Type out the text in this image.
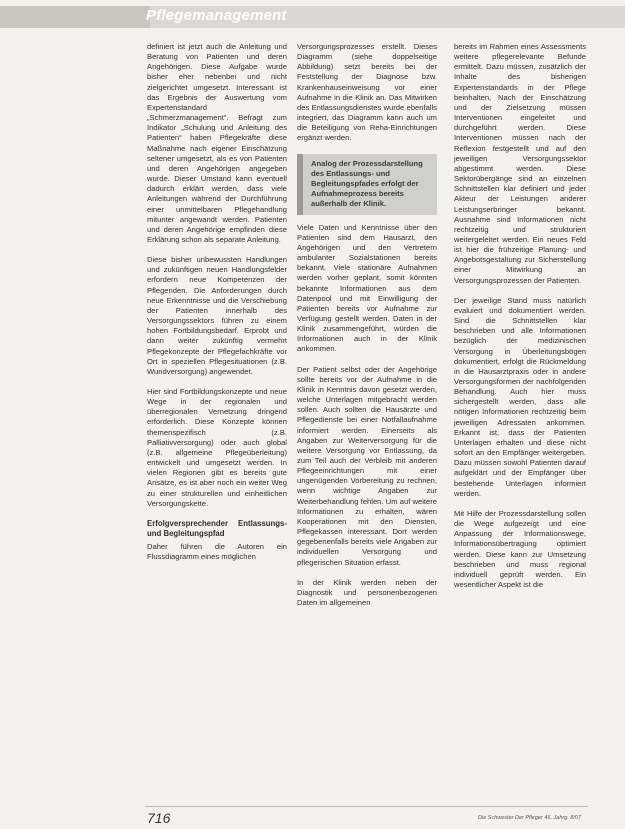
Pflegemanagement

definiert ist jetzt auch die Anleitung und Beratung von Patienten und deren Angehörigen. Diese Aufgabe wurde bisher eher nebenbei und nicht zielgerichtet umgesetzt. Interessant ist das Ergebnis der Auswertung vom Expertenstandard „Schmerzmanagement“. Befragt zum Indikator „Schulung und Anleitung des Patienten“ haben Pflegekräfte diese Maßnahme nach eigener Einschätzung seltener umgesetzt, als es von Patienten und deren Angehörigen angegeben wurde. Dieser Umstand kann eventuell dadurch erklärt werden, dass viele Anleitungen während der Durchführung einer unmittelbaren Pflegehandlung mitunter angewandt werden. Patienten und deren Angehörige empfinden diese Erklärung schon als separate Anleitung.

Diese bisher unbewussten Handlungen und zukünftigen neuen Handlungsfelder erfordern neue Kompetenzen der Pflegenden. Die Anforderungen durch neue Erkenntnisse und die Verschiebung der Patienten innerhalb des Versorgungssektors führen zu einem hohen Fortbildungsbedarf. Erprobt und dann weiter zukünftig vermehrt Pflegekonzepte der Pflegefachkräfte vor Ort in speziellen Pflegesituationen (z.B. Wundversorgung) angewendet.

Hier sind Fortbildungskonzepte und neue Wege in der regionalen und überregionalen Vernetzung dringend erforderlich. Diese Konzepte können themenspezifisch (z.B. Palliativversorgung) oder auch global (z.B. allgemeine Pflegeüberleitung) entwickelt und umgesetzt werden. In vielen Regionen gibt es bereits gute Ansätze, es ist aber noch ein weiter Weg zu einer strukturellen und einheitlichen Versorgungskette.

Erfolgversprechender Entlassungs- und Begleitungspfad

Daher führen die Autoren ein Flussdiagramm eines möglichen

Versorgungsprozesses erstellt. Dieses Diagramm (siehe doppelseitige Abbildung) setzt bereits bei der Feststellung der Diagnose bzw. Krankenhauseinweisung vor einer Aufnahme in die Klinik an. Das Mitwirken des Entlassungsdienstes wurde ebenfalls integriert, das Diagramm kann auch um die Beteiligung von Reha-Einrichtungen ergänzt werden.

Analog der Prozessdarstellung des Entlassungs- und Begleitungspfades erfolgt der Aufnahmeprozess bereits außerhalb der Klinik.

Viele Daten und Kenntnisse über den Patienten sind dem Hausarzt, den Angehörigen und den Vertretern ambulanter Sozialstationen bereits bekannt. Viele stationäre Aufnahmen werden vorher geplant, somit könnten bekannte Informationen aus dem Datenpool und mit Einwilligung der Patienten bereits vor Aufnahme zur Verfügung gestellt werden. Daten in der Klinik zusammengeführt, würden die Informationen auch in der Klinik ankommen.

Der Patient selbst oder der Angehörige sollte bereits vor der Aufnahme in die Klinik in Kenntnis davon gesetzt werden, welche Unterlagen mitgebracht werden sollen. Auch sollten die Hausärzte und Pflegedienste bei einer Notfallaufnahme informiert werden. Einerseits als Angaben zur Weiterversorgung für die weitere Versorgung vor Entlassung, da zum Teil auch der Verbleib mit anderen Pflegeeinrichtungen mit einer ungenügenden Vorbereitung zu rechnen, wenn wichtige Angaben zur Weiterbehandlung fehlen. Um auf weitere Informationen zu erhalten, wären Kooperationen mit den Diensten, Pflegekassen interessant. Dort werden gegebenenfalls bereits viele Angaben zur individuellen Versorgung und pflegerischen Situation erfasst.

In der Klinik werden neben der Diagnostik und personenbezogenen Daten im allgemeinen

bereits im Rahmen eines Assessments weitere pflegerelevante Befunde ermittelt. Dazu müssen, zusätzlich der Inhalte des bisherigen Expertenstandards in der Pflege beinhalten, Nach der Einschätzung und der Zielsetzung müssen Interventionen eingeleitet und durchgeführt werden. Diese Interventionen müssen nach der Reflexion festgestellt und auf den jeweiligen Versorgungssektor abgestimmt werden. Diese Sektorübergänge sind an einzelnen Schnittstellen klar definiert und jeder Akteur der Leistungen anderer Leistungserbringer bekannt. Ausnahme sind Informationen nicht rechtzeitig und strukturiert weitergeleitet werden. Ein neues Feld ist hier die frühzeitige Planung- und Angebotsgestaltung zur Sicherstellung einer Mitwirkung an Versorgungsprozessen der Patienten.

Der jeweilige Stand muss natürlich evaluiert und dokumentiert werden. Sind die Schnittstellen klar beschrieben und alle Informationen bezüglich der medizinischen Versorgung in Überleitungsbögen dokumentiert, erfolgt die Rückmeldung in die Hausarztpraxis oder in andere Versorgungsformen der nachfolgenden Behandlung. Auch hier muss sichergestellt werden, dass alle nötigen Informationen rechtzeitig beim jeweiligen Adressaten ankommen. Erkannt ist, dass der Patienten Unterlagen erhalten und diese nicht sofort an den Empfänger weitergeben. Dazu müssen sowohl Patienten darauf aufgeklärt und der Empfänger über bestehende Unterlagen informiert werden.

Mit Hilfe der Prozessdarstellung sollen die Wege aufgezeigt und eine Anpassung der Informationswege, Informationsübertragung optimiert werden. Diese kann zur Umsetzung beschrieben und muss regional individuell geprüft werden. Ein wesentlicher Aspekt ist die

716	Die Schwester Der Pfleger 46. Jahrg. 8/07
